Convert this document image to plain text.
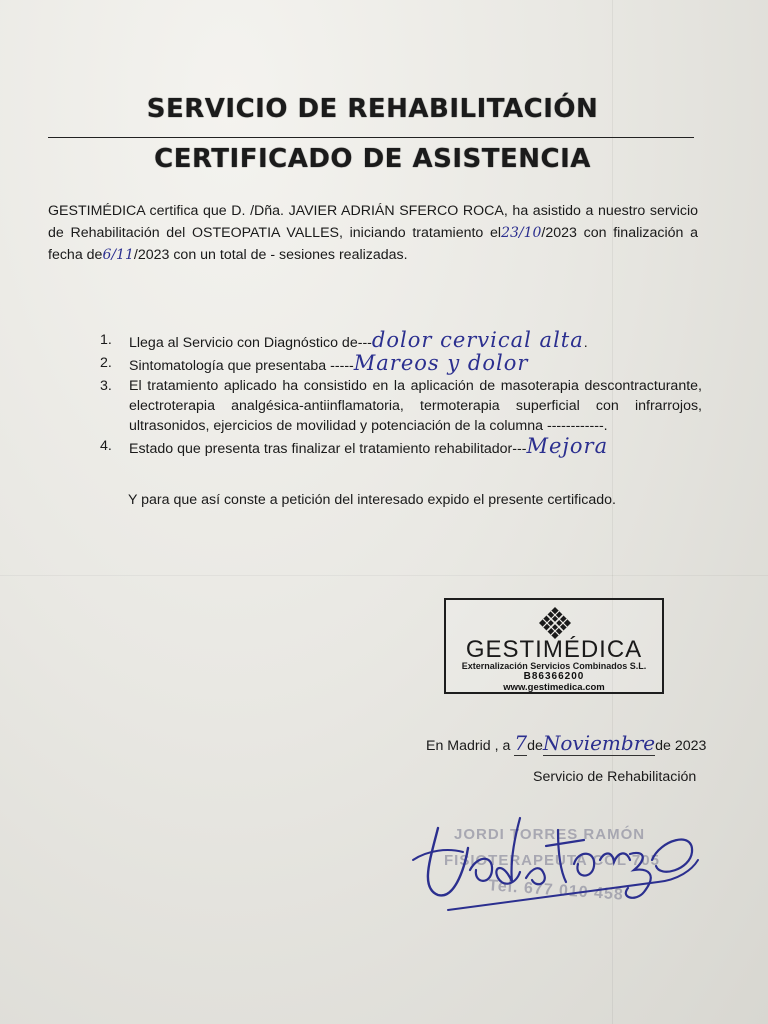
SERVICIO DE REHABILITACIÓN
CERTIFICADO DE ASISTENCIA
GESTIMÉDICA certifica que D. /Dña. JAVIER ADRIÁN SFERCO ROCA, ha asistido a nuestro servicio de Rehabilitación del OSTEOPATIA VALLES, iniciando tratamiento el23/10/2023 con finalización a fecha de6/11/2023 con un total de - sesiones realizadas.
1. Llega al Servicio con Diagnóstico de---dolor cervical alta.
2. Sintomatología que presentaba -----Mareos y dolor
3. El tratamiento aplicado ha consistido en la aplicación de masoterapia descontracturante, electroterapia analgésica-antiinflamatoria, termoterapia superficial con infrarrojos, ultrasonidos, ejercicios de movilidad y potenciación de la columna ------------.
4. Estado que presenta tras finalizar el tratamiento rehabilitador---Mejora
Y para que así conste a petición del interesado expido el presente certificado.
GESTIMÉDICA
Externalización Servicios Combinados S.L.
B86366200
www.gestimedica.com
En Madrid , a 7deNoviembrede 2023
Servicio de Rehabilitación
JORDI TORRES RAMÓN
FISIOTERAPEUTA COL 705
Tel. 677 010 458
